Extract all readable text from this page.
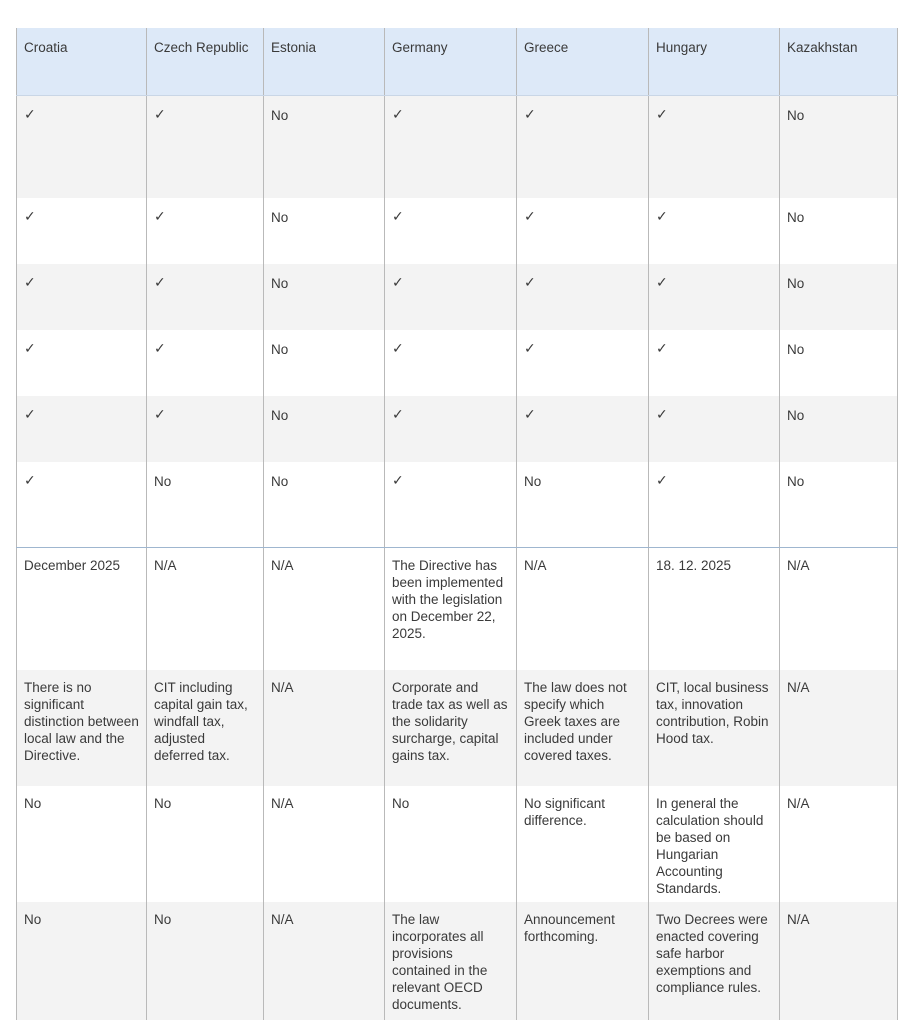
Croatia	Czech Republic	Estonia	Germany	Greece	Hungary	Kazakhstan
✓	✓	No	✓	✓	✓	No
✓	✓	No	✓	✓	✓	No
✓	✓	No	✓	✓	✓	No
✓	✓	No	✓	✓	✓	No
✓	✓	No	✓	✓	✓	No
✓	No	No	✓	No	✓	No
December 2025	N/A	N/A	The Directive has been implemented with the legislation on December 22, 2025.	N/A	18. 12. 2025	N/A
There is no significant distinction between local law and the Directive.	CIT including capital gain tax, windfall tax, adjusted deferred tax.	N/A	Corporate and trade tax as well as the solidarity surcharge, capital gains tax.	The law does not specify which Greek taxes are included under covered taxes.	CIT, local business tax, innovation contribution, Robin Hood tax.	N/A
No	No	N/A	No	No significant difference.	In general the calculation should be based on Hungarian Accounting Standards.	N/A
No	No	N/A	The law incorporates all provisions contained in the relevant OECD documents.	Announcement forthcoming.	Two Decrees were enacted covering safe harbor exemptions and compliance rules.	N/A
